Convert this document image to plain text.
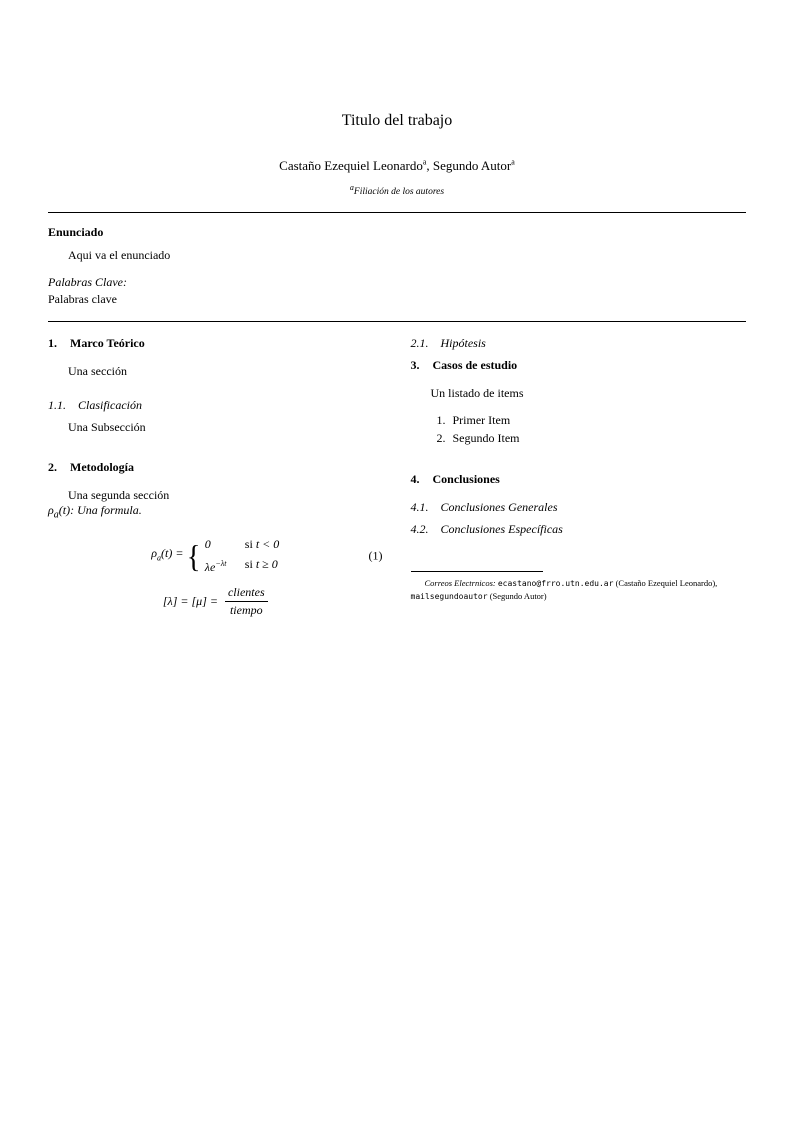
Titulo del trabajo
Castaño Ezequiel Leonardo$^a$, Segundo Autor$^a$
$^a$Filiación de los autores
Enunciado
Aqui va el enunciado
Palabras Clave:
Palabras clave
1.	Marco Teórico

Una sección

1.1.	Clasificación

Una Subsección

2.	Metodología

Una segunda sección

$\rho_a(t)$: Una formula.

$\rho_a(t)$ = { 0	si t < 0
$\lambda e^{-\lambda t}$	si t ≥ 0
(1)
$[\lambda] = [\mu] = \frac{\text{clientes}}{\text{tiempo}}$
2.1.	Hipótesis
3.	Casos de estudio

Un listado de items

1. Primer Item
2. Segundo Item
4.	Conclusiones
4.1.	Conclusiones Generales
4.2.	Conclusiones Específicas

Correos Electrnicos: ecastano@frro.utn.edu.ar (Castaño Ezequiel Leonardo), mailsegundoautor (Segundo Autor)
